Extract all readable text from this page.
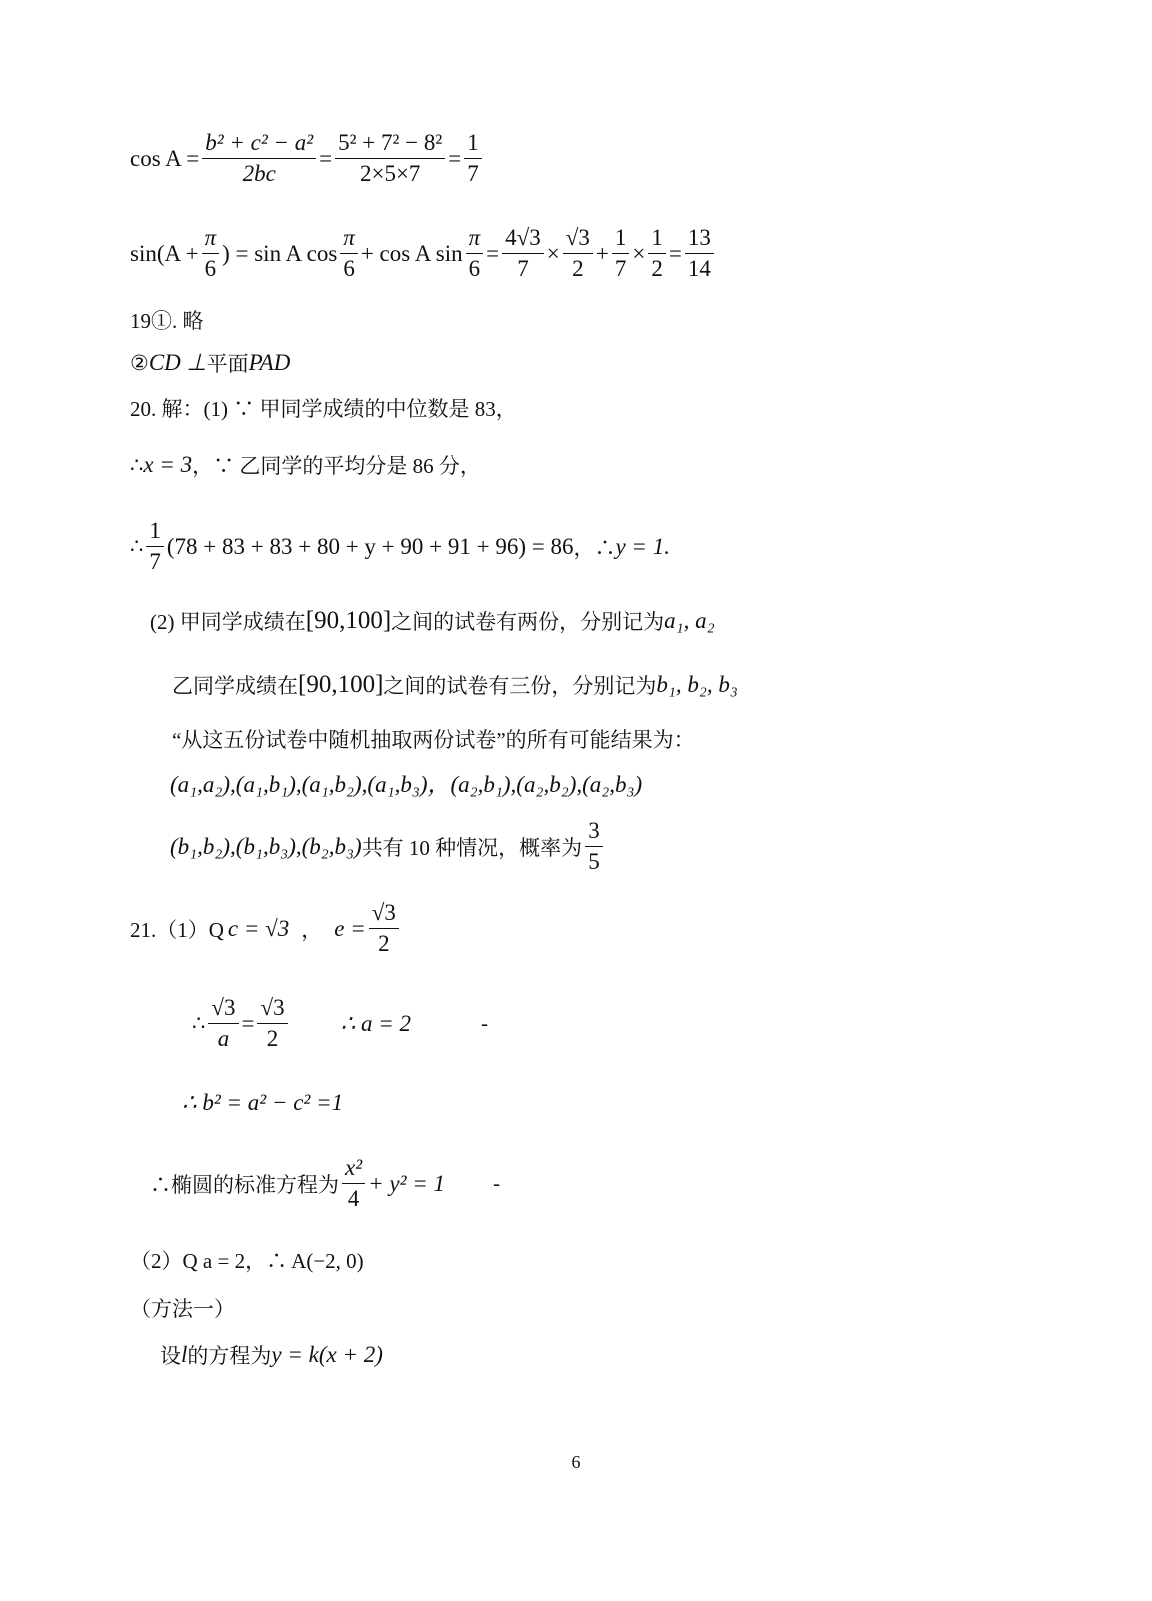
$\cos A = \frac{\text{b² + c² − a²}}{2bc} = \frac{\text{5² + 7² − 8²}}{2\times 5\times 7} = \frac{1}{7}$
$\sin(A + \frac{\pi}{6}$ ) = sin A $\cos \frac{\pi}{6} + \cos A$ $\sin \frac{\pi}{6} = \frac{4√3}{7} \times \frac{√3}{2} + \frac{1}{7} \times \frac{1}{2} = \frac{13}{14}$
19①. 略
② CD ⊥ 平面 PAD
20. 解：(1) ∵ 甲同学成绩的中位数是 83，
∴ x = 3 ，∵ 乙同学的平均分是 86 分，
∴ $\frac{1}{7} (78 + 83 + 83 + 80 + y + 90 + 91 + 96) = 86$ ，∴ y = 1.
(2) 甲同学成绩在 [90,100] 之间的试卷有两份，分别记为 a₁, a₂
乙同学成绩在 [90,100] 之间的试卷有三份，分别记为 b₁, b₂, b₃
“从这五份试卷中随机抽取两份试卷”的所有可能结果为：
(a₁,a₂),(a₁,b₁),(a₁,b₂),(a₁,b₃)，(a₂,b₁),(a₂,b₂),(a₂,b₃)
(b₁,b₂),(b₁,b₃),(b₂,b₃) 共有 10 种情况，概率为 $\frac{3}{5}$
21.（1）Q c = √3 ， $e = \frac{√3}{2}$
∴ $\frac{√3}{a} = \frac{√3}{2}$ ∴ a = 2	-
∴ b² = a² − c² =1
∴椭圆的标准方程为 $\frac{\text{x²}}{4} + y^2 = 1$ -
（2）Q a = 2，∴ A(−2, 0)
（方法一）
设 l 的方程为 y = k(x + 2)
6
